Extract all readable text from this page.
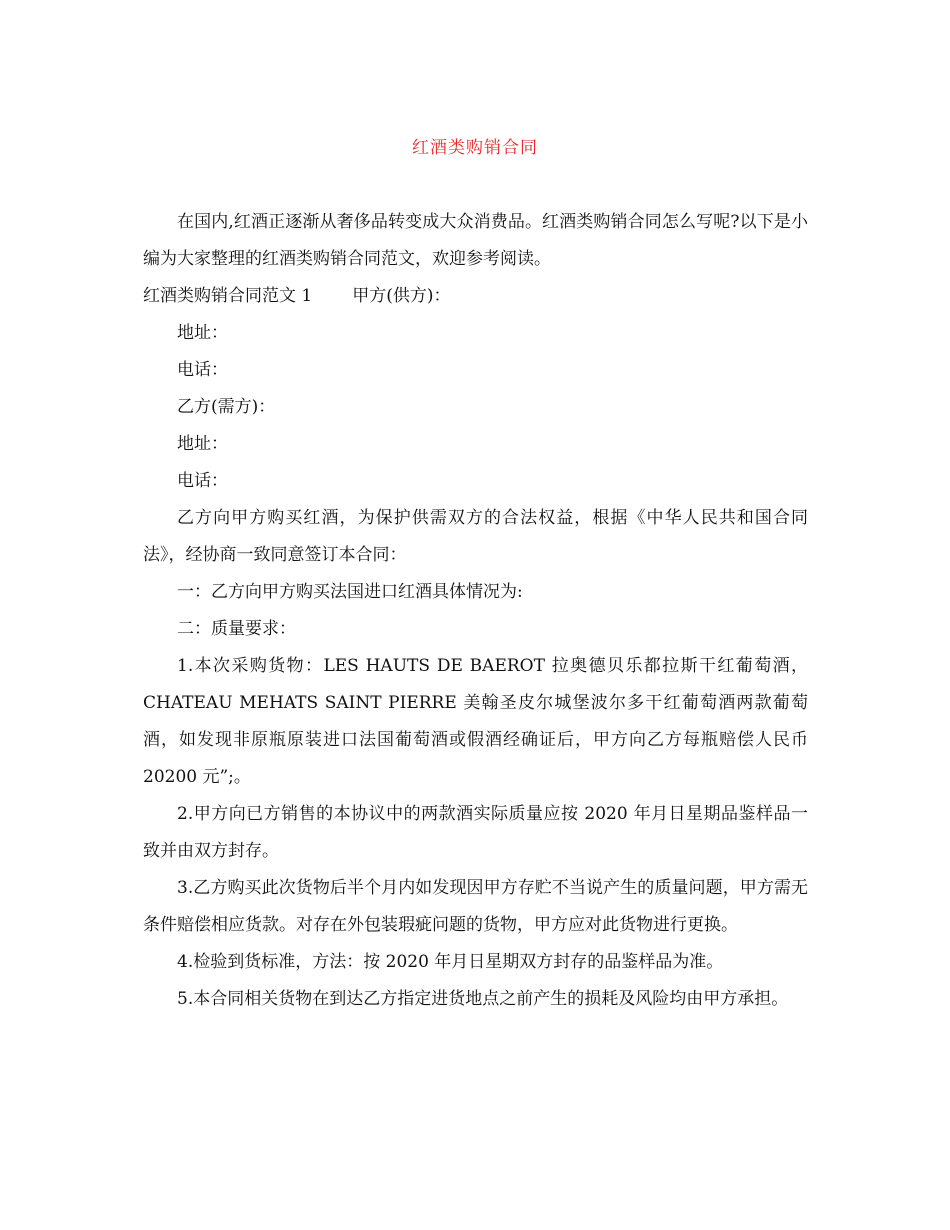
红酒类购销合同

在国内,红酒正逐渐从奢侈品转变成大众消费品。红酒类购销合同怎么写呢?以下是小编为大家整理的红酒类购销合同范文，欢迎参考阅读。

红酒类购销合同范文 1 甲方(供方)：

地址：

电话：

乙方(需方)：

地址：

电话：

乙方向甲方购买红酒，为保护供需双方的合法权益，根据《中华人民共和国合同法》，经协商一致同意签订本合同：

一：乙方向甲方购买法国进口红酒具体情况为:

二：质量要求：

1.本次采购货物：LES HAUTS DE BAEROT 拉奥德贝乐都拉斯干红葡萄酒，CHATEAU MEHATS SAINT PIERRE 美翰圣皮尔城堡波尔多干红葡萄酒两款葡萄酒，如发现非原瓶原装进口法国葡萄酒或假酒经确证后，甲方向乙方每瓶赔偿人民币 20200 元”;。

2.甲方向已方销售的本协议中的两款酒实际质量应按 2020 年月日星期品鉴样品一致并由双方封存。

3.乙方购买此次货物后半个月内如发现因甲方存贮不当说产生的质量问题，甲方需无条件赔偿相应货款。对存在外包装瑕疵问题的货物，甲方应对此货物进行更换。

4.检验到货标准，方法：按 2020 年月日星期双方封存的品鉴样品为准。

5.本合同相关货物在到达乙方指定进货地点之前产生的损耗及风险均由甲方承担。
